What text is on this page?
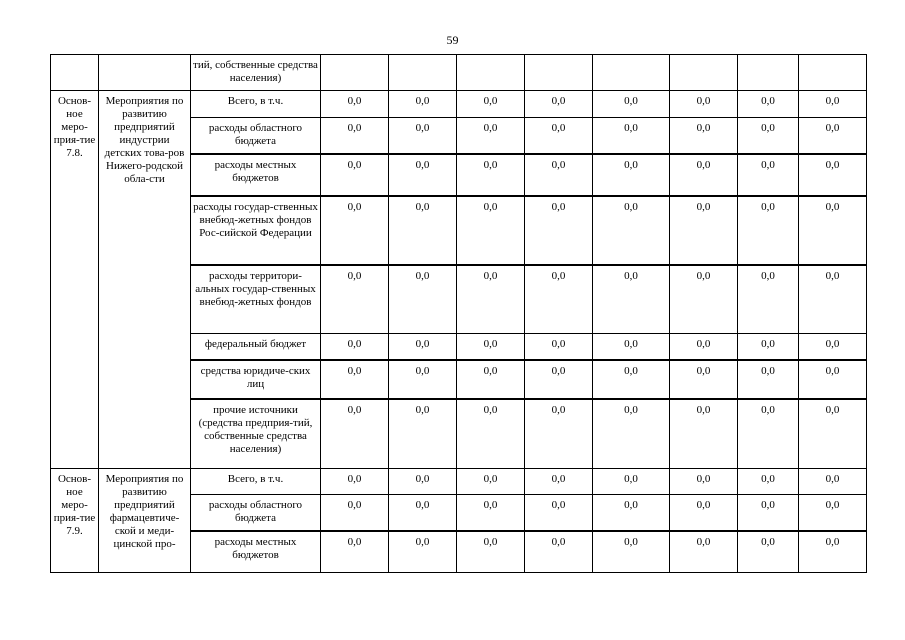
59
		тий, собственные средства населения)								
Основ-ное меро-прия-тие 7.8.	Мероприятия по развитию предприятий индустрии детских това-ров Нижего-родской обла-сти	Всего, в т.ч.	0,0	0,0	0,0	0,0	0,0	0,0	0,0	0,0
		расходы областного бюджета	0,0	0,0	0,0	0,0	0,0	0,0	0,0	0,0
		расходы местных бюджетов	0,0	0,0	0,0	0,0	0,0	0,0	0,0	0,0
		расходы государ-ственных внебюд-жетных фондов Рос-сийской Федерации	0,0	0,0	0,0	0,0	0,0	0,0	0,0	0,0
		расходы территори-альных государ-ственных внебюд-жетных фондов	0,0	0,0	0,0	0,0	0,0	0,0	0,0	0,0
		федеральный бюджет	0,0	0,0	0,0	0,0	0,0	0,0	0,0	0,0
		средства юридиче-ских лиц	0,0	0,0	0,0	0,0	0,0	0,0	0,0	0,0
		прочие источники (средства предприя-тий, собственные средства населения)	0,0	0,0	0,0	0,0	0,0	0,0	0,0	0,0
Основ-ное меро-прия-тие 7.9.	Мероприятия по развитию предприятий фармацевтиче-ской и меди-цинской про-	Всего, в т.ч.	0,0	0,0	0,0	0,0	0,0	0,0	0,0	0,0
		расходы областного бюджета	0,0	0,0	0,0	0,0	0,0	0,0	0,0	0,0
		расходы местных бюджетов	0,0	0,0	0,0	0,0	0,0	0,0	0,0	0,0
